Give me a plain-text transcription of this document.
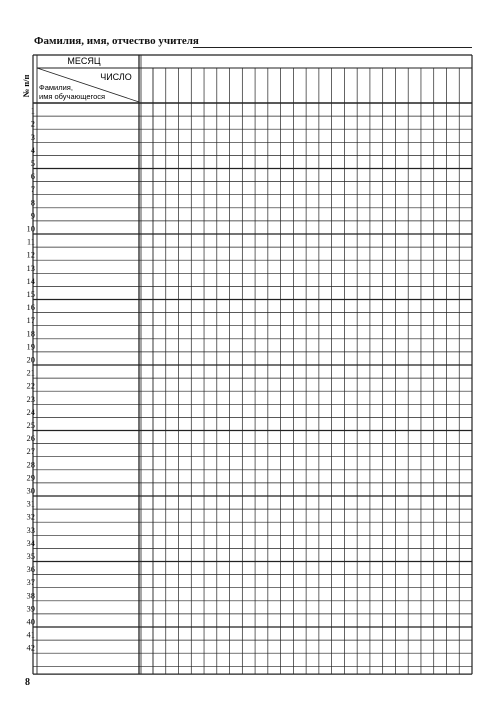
Фамилия, имя, отчество учителя
№ п/п
МЕСЯЦ
ЧИСЛО
Фамилия,
имя обучающегося
1
2
3
4
5
6
7
8
9
10
11
12
13
14
15
16
17
18
19
20
21
22
23
24
25
26
27
28
29
30
31
32
33
34
35
36
37
38
39
40
41
42
8
